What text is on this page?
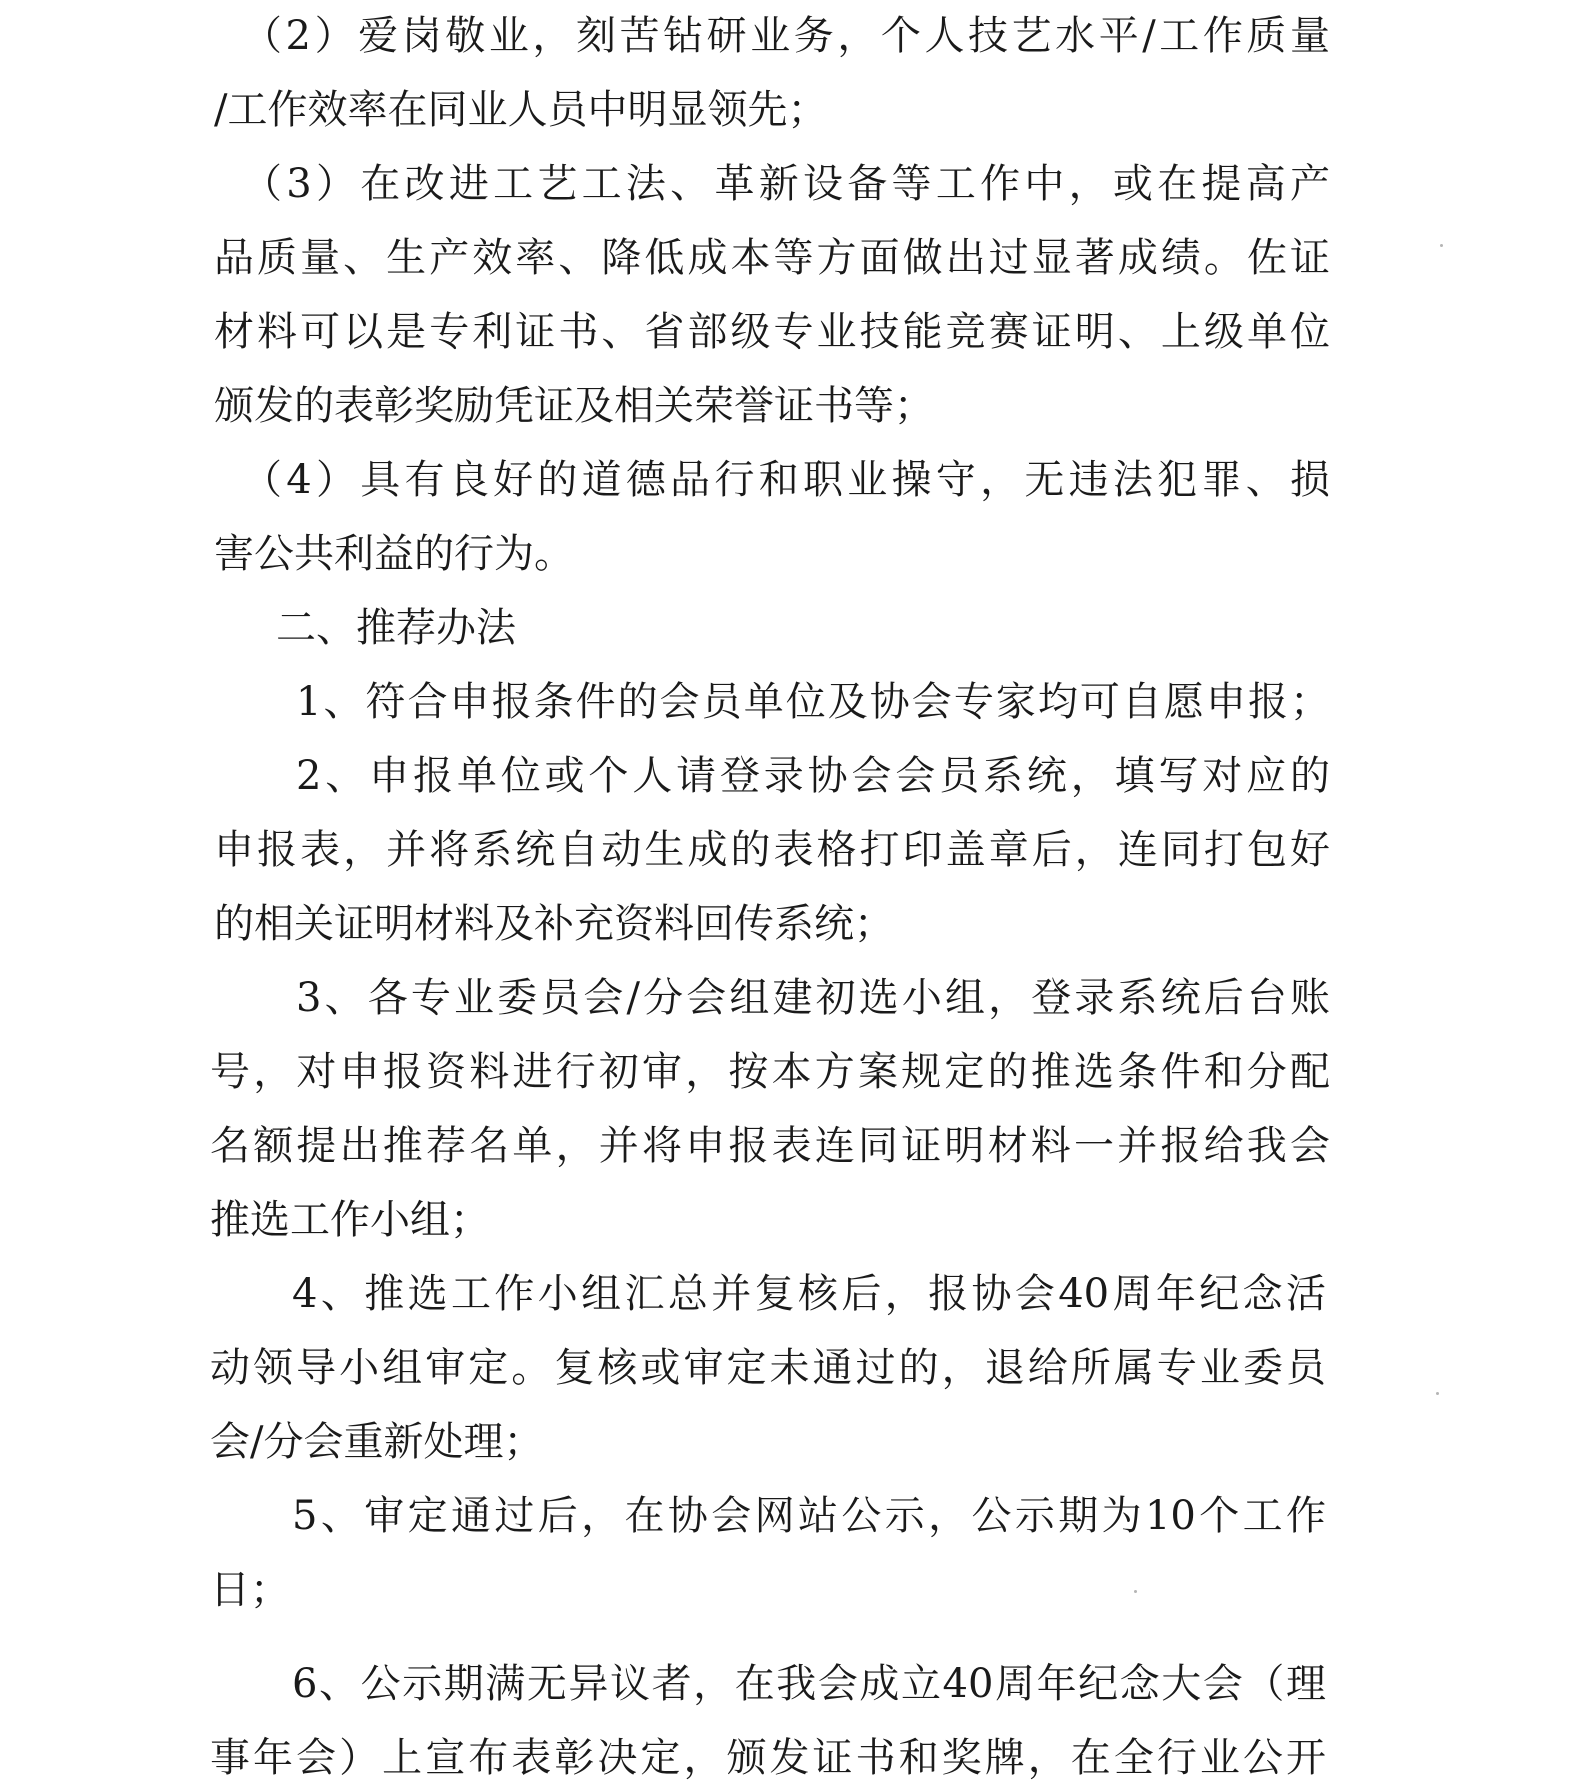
（2）爱岗敬业，刻苦钻研业务，个人技艺水平/工作质量

/工作效率在同业人员中明显领先；

（3）在改进工艺工法、革新设备等工作中，或在提高产

品质量、生产效率、降低成本等方面做出过显著成绩。佐证

材料可以是专利证书、省部级专业技能竞赛证明、上级单位

颁发的表彰奖励凭证及相关荣誉证书等；

（4）具有良好的道德品行和职业操守，无违法犯罪、损

害公共利益的行为。

二、推荐办法

1、符合申报条件的会员单位及协会专家均可自愿申报；

2、申报单位或个人请登录协会会员系统，填写对应的

申报表，并将系统自动生成的表格打印盖章后，连同打包好

的相关证明材料及补充资料回传系统；

3、各专业委员会/分会组建初选小组，登录系统后台账

号，对申报资料进行初审，按本方案规定的推选条件和分配

名额提出推荐名单，并将申报表连同证明材料一并报给我会

推选工作小组；

4、推选工作小组汇总并复核后，报协会40周年纪念活

动领导小组审定。复核或审定未通过的，退给所属专业委员

会/分会重新处理；

5、审定通过后，在协会网站公示，公示期为10个工作

日；

6、公示期满无异议者，在我会成立40周年纪念大会（理

事年会）上宣布表彰决定，颁发证书和奖牌，在全行业公开
